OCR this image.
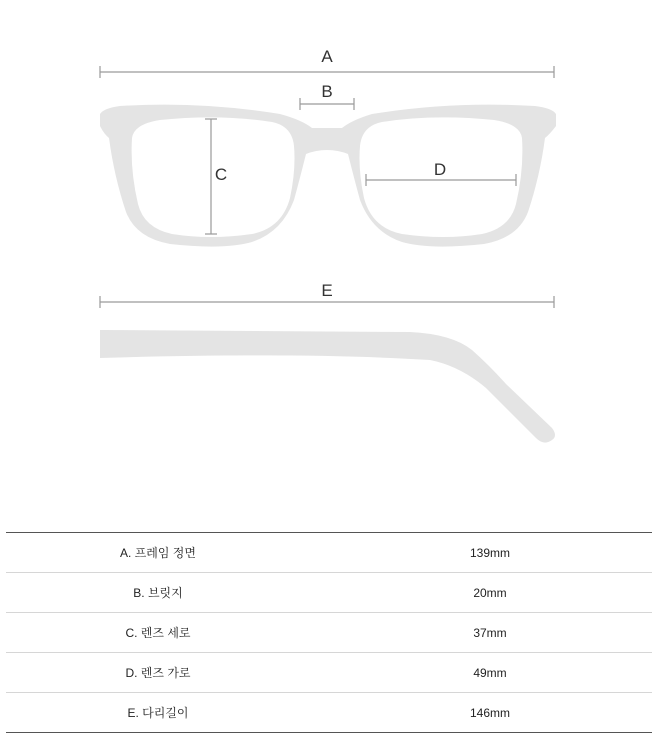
A
B
C	D
E
A. 프레임 정면	139mm
B. 브릿지	20mm
C. 렌즈 세로	37mm
D. 렌즈 가로	49mm
E. 다리길이	146mm
